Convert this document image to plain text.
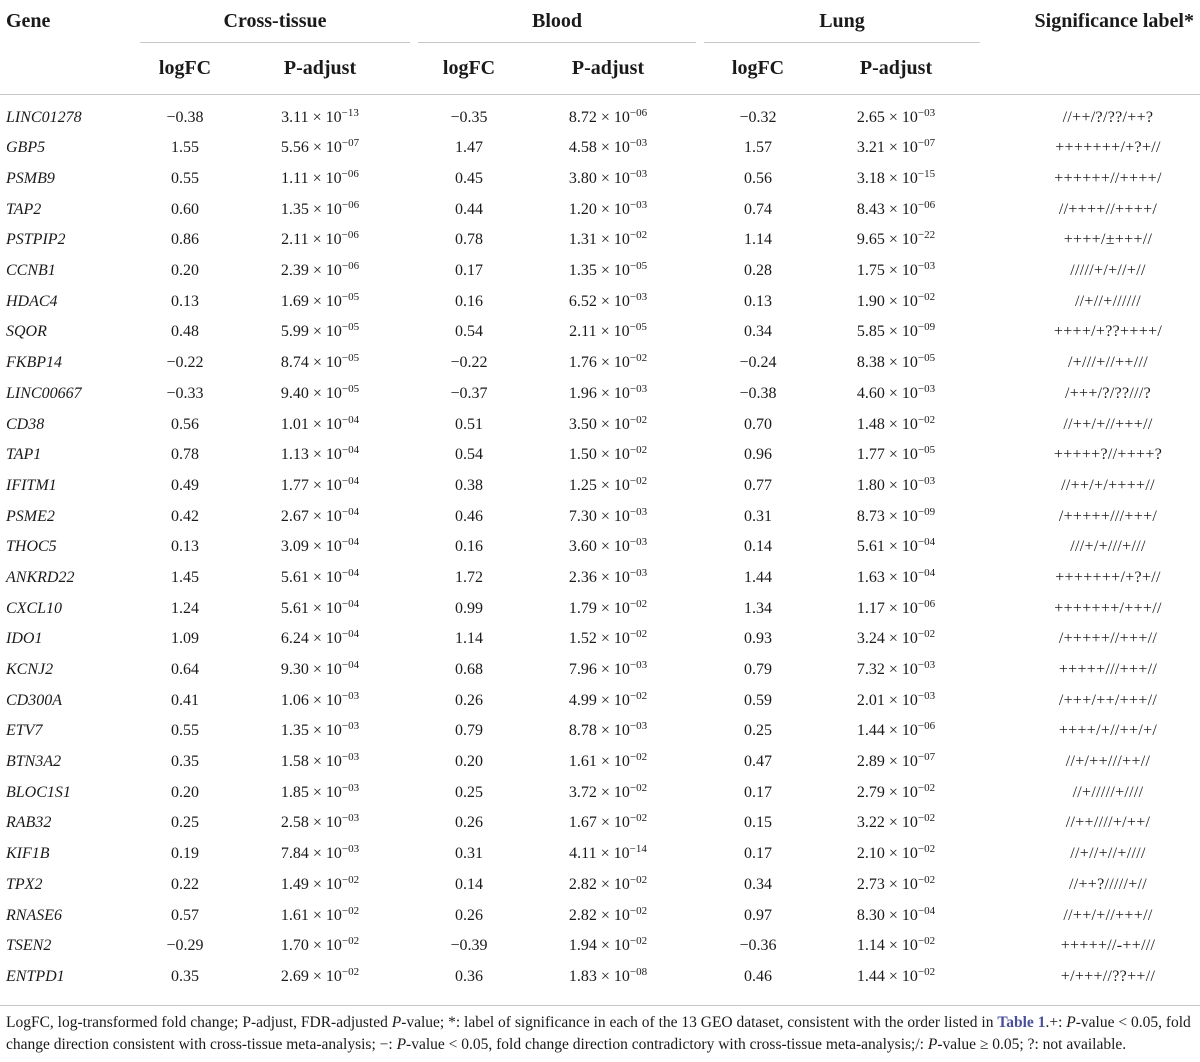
Gene	Cross-tissue			Blood			Lung		Significance label*
	logFC	P-adjust		logFC	P-adjust		logFC	P-adjust	
LINC01278	−0.38	$3.11 \times 10^{-13}$		−0.35	$8.72 \times 10^{-06}$		−0.32	$2.65 \times 10^{-03}$	//++/?/??/++?
GBP5	1.55	$5.56 \times 10^{-07}$		1.47	$4.58 \times 10^{-03}$		1.57	$3.21 \times 10^{-07}$	+++++++/+?+//
PSMB9	0.55	$1.11 \times 10^{-06}$		0.45	$3.80 \times 10^{-03}$		0.56	$3.18 \times 10^{-15}$	++++++//++++/
TAP2	0.60	$1.35 \times 10^{-06}$		0.44	$1.20 \times 10^{-03}$		0.74	$8.43 \times 10^{-06}$	//++++//++++/
PSTPIP2	0.86	$2.11 \times 10^{-06}$		0.78	$1.31 \times 10^{-02}$		1.14	$9.65 \times 10^{-22}$	++++/±+++//
CCNB1	0.20	$2.39 \times 10^{-06}$		0.17	$1.35 \times 10^{-05}$		0.28	$1.75 \times 10^{-03}$	/////+/+//+//
HDAC4	0.13	$1.69 \times 10^{-05}$		0.16	$6.52 \times 10^{-03}$		0.13	$1.90 \times 10^{-02}$	//+//+//////
SQOR	0.48	$5.99 \times 10^{-05}$		0.54	$2.11 \times 10^{-05}$		0.34	$5.85 \times 10^{-09}$	++++/+??++++/
FKBP14	−0.22	$8.74 \times 10^{-05}$		−0.22	$1.76 \times 10^{-02}$		−0.24	$8.38 \times 10^{-05}$	/+///+//++///
LINC00667	−0.33	$9.40 \times 10^{-05}$		−0.37	$1.96 \times 10^{-03}$		−0.38	$4.60 \times 10^{-03}$	/+++/?/??///?
CD38	0.56	$1.01 \times 10^{-04}$		0.51	$3.50 \times 10^{-02}$		0.70	$1.48 \times 10^{-02}$	//++/+//+++//
TAP1	0.78	$1.13 \times 10^{-04}$		0.54	$1.50 \times 10^{-02}$		0.96	$1.77 \times 10^{-05}$	+++++?//++++?
IFITM1	0.49	$1.77 \times 10^{-04}$		0.38	$1.25 \times 10^{-02}$		0.77	$1.80 \times 10^{-03}$	//++/+/++++//
PSME2	0.42	$2.67 \times 10^{-04}$		0.46	$7.30 \times 10^{-03}$		0.31	$8.73 \times 10^{-09}$	/+++++///+++/
THOC5	0.13	$3.09 \times 10^{-04}$		0.16	$3.60 \times 10^{-03}$		0.14	$5.61 \times 10^{-04}$	///+/+///+///
ANKRD22	1.45	$5.61 \times 10^{-04}$		1.72	$2.36 \times 10^{-03}$		1.44	$1.63 \times 10^{-04}$	+++++++/+?+//
CXCL10	1.24	$5.61 \times 10^{-04}$		0.99	$1.79 \times 10^{-02}$		1.34	$1.17 \times 10^{-06}$	+++++++/+++//
IDO1	1.09	$6.24 \times 10^{-04}$		1.14	$1.52 \times 10^{-02}$		0.93	$3.24 \times 10^{-02}$	/+++++//+++//
KCNJ2	0.64	$9.30 \times 10^{-04}$		0.68	$7.96 \times 10^{-03}$		0.79	$7.32 \times 10^{-03}$	+++++///+++//
CD300A	0.41	$1.06 \times 10^{-03}$		0.26	$4.99 \times 10^{-02}$		0.59	$2.01 \times 10^{-03}$	/+++/++/+++//
ETV7	0.55	$1.35 \times 10^{-03}$		0.79	$8.78 \times 10^{-03}$		0.25	$1.44 \times 10^{-06}$	++++/+//++/+/
BTN3A2	0.35	$1.58 \times 10^{-03}$		0.20	$1.61 \times 10^{-02}$		0.47	$2.89 \times 10^{-07}$	//+/++///++//
BLOC1S1	0.20	$1.85 \times 10^{-03}$		0.25	$3.72 \times 10^{-02}$		0.17	$2.79 \times 10^{-02}$	//+/////+////
RAB32	0.25	$2.58 \times 10^{-03}$		0.26	$1.67 \times 10^{-02}$		0.15	$3.22 \times 10^{-02}$	//++////+/++/
KIF1B	0.19	$7.84 \times 10^{-03}$		0.31	$4.11 \times 10^{-14}$		0.17	$2.10 \times 10^{-02}$	//+//+//+////
TPX2	0.22	$1.49 \times 10^{-02}$		0.14	$2.82 \times 10^{-02}$		0.34	$2.73 \times 10^{-02}$	//++?/////+//
RNASE6	0.57	$1.61 \times 10^{-02}$		0.26	$2.82 \times 10^{-02}$		0.97	$8.30 \times 10^{-04}$	//++/+//+++//
TSEN2	−0.29	$1.70 \times 10^{-02}$		−0.39	$1.94 \times 10^{-02}$		−0.36	$1.14 \times 10^{-02}$	+++++//-++///
ENTPD1	0.35	$2.69 \times 10^{-02}$		0.36	$1.83 \times 10^{-08}$		0.46	$1.44 \times 10^{-02}$	+/+++//??++//
LogFC, log-transformed fold change; P-adjust, FDR-adjusted P-value; *: label of significance in each of the 13 GEO dataset, consistent with the order listed in Table 1.+: P-value < 0.05, fold change direction consistent with cross-tissue meta-analysis; −: P-value < 0.05, fold change direction contradictory with cross-tissue meta-analysis;/: P-value ≥ 0.05; ?: not available.
